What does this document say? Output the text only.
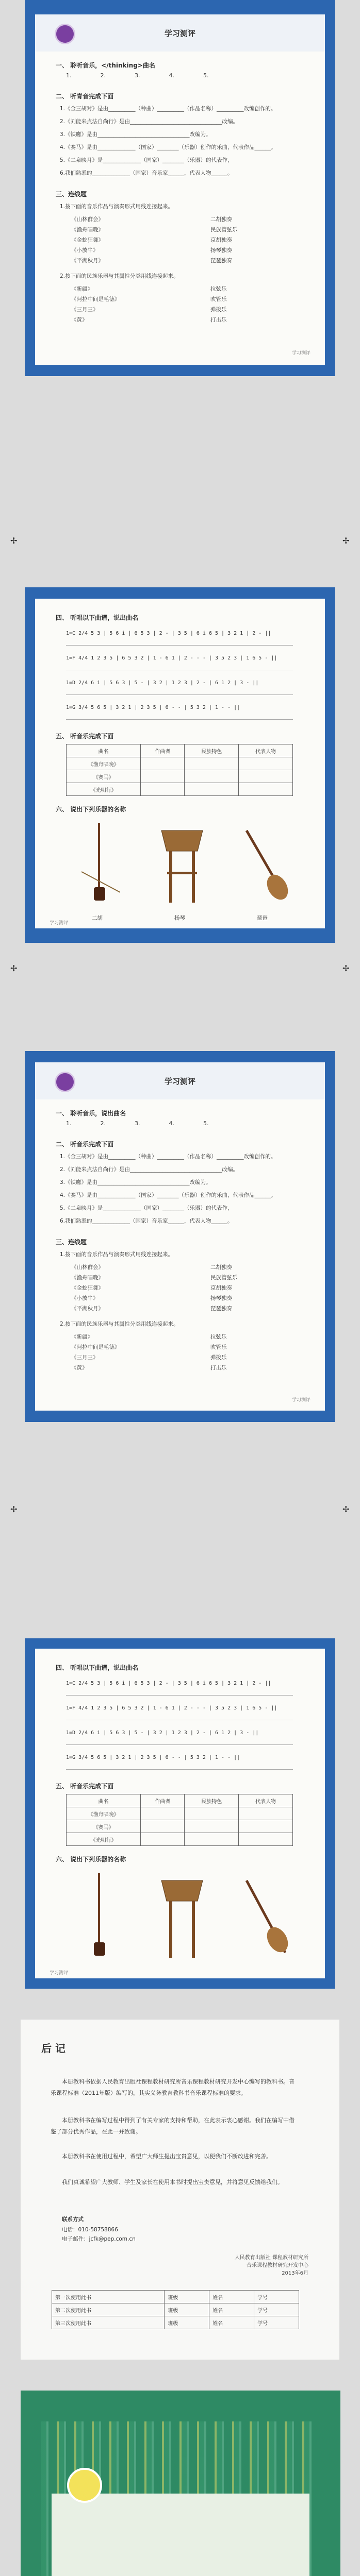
学习测评
一、 聆听音乐，</thinking>曲名
1.	2.	3.	4.	5.
二、 听青音完成下面
1.《金三胡对》是由__________（种曲）__________（作品名称）__________改编创作的。
2.《刘能来点法自尚行》是由__________________________________改编。
3.《铁鹰》是由__________________________________改编为。
4.《赛马》是由______________（国家）________（乐器）创作的乐曲，代表作品______。
5.《二泉映月》是______________（国家）________（乐器）的代表作，
6.我们熟悉的______________（国家）音乐家______，代表人物______。
三、连线题
1.按下面的音乐作品与演奏形式用线连接起来。
《山林群会》
《渔舟唱晚》
《金蛇狂舞》
《小放牛》
《平湖秋月》
二胡独奏
民族管弦乐
京胡独奏
扬琴独奏
琵琶独奏
2.按下面的民族乐器与其属性分类用线连接起来。
《新疆》
《阿拉中间是毛德》
《三月三》
《黄》
拉弦乐
吹管乐
弹拨乐
打击乐
学习测评
✢	✢
四、 听唱以下曲谱，说出曲名
1=C 2/4 5 3 | 5 6 i | 6 5 3 | 2 - | 3 5 | 6 i 6 5 | 3 2 1 | 2 - ||
1=F 4/4 1 2 3 5 | 6 5 3 2 | 1 - 6 1 | 2 - - - | 3 5 2 3 | 1 6 5 - ||
1=D 2/4 6 i | 5 6 3 | 5 - | 3 2 | 1 2 3 | 2 - | 6 1 2 | 3 - ||
1=G 3/4 5 6 5 | 3 2 1 | 2 3 5 | 6 - - | 5 3 2 | 1 - - ||
五、 听音乐完成下面
曲名	作曲者	民族特色	代表人物
《渔舟唱晚》			
《赛马》			
《光明行》			
六、 说出下列乐器的名称
二胡	扬琴	琵琶
学习测评
✢	✢
学习测评
一、 聆听音乐，说出曲名
1.	2.	3.	4.	5.
二、 听音乐完成下面
1.《金三胡对》是由__________（种曲）__________（作品名称）__________改编创作的。
2.《刘能来点法自尚行》是由__________________________________改编。
3.《铁鹰》是由__________________________________改编为。
4.《赛马》是由______________（国家）________（乐器）创作的乐曲，代表作品______。
5.《二泉映月》是______________（国家）________（乐器）的代表作，
6.我们熟悉的______________（国家）音乐家______，代表人物______。
三、连线题
1.按下面的音乐作品与演奏形式用线连接起来。
《山林群会》
《渔舟唱晚》
《金蛇狂舞》
《小放牛》
《平湖秋月》
二胡独奏
民族管弦乐
京胡独奏
扬琴独奏
琵琶独奏
2.按下面的民族乐器与其属性分类用线连接起来。
《新疆》
《阿拉中间是毛德》
《三月三》
《黄》
拉弦乐
吹管乐
弹拨乐
打击乐
学习测评
✢	✢
四、 听唱以下曲谱，说出曲名
1=C 2/4 5 3 | 5 6 i | 6 5 3 | 2 - | 3 5 | 6 i 6 5 | 3 2 1 | 2 - ||
1=F 4/4 1 2 3 5 | 6 5 3 2 | 1 - 6 1 | 2 - - - | 3 5 2 3 | 1 6 5 - ||
1=D 2/4 6 i | 5 6 3 | 5 - | 3 2 | 1 2 3 | 2 - | 6 1 2 | 3 - ||
1=G 3/4 5 6 5 | 3 2 1 | 2 3 5 | 6 - - | 5 3 2 | 1 - - ||
五、 听音乐完成下面
曲名	作曲者	民族特色	代表人物
《渔舟唱晚》			
《赛马》			
《光明行》			
六、 说出下列乐器的名称
学习测评
后 记
本册教科书依据人民教育出版社课程教材研究所音乐课程教材研究开发中心编写的教科书。音乐课程标准（2011年版）编写的，其实义务教育教科书音乐课程标准的要求。
本册教科书在编写过程中得到了有关专家的支持和帮助，在此表示衷心感谢。我们在编写中借鉴了部分优秀作品，在此一并致谢。
本册教科书在使用过程中，希望广大师生提出宝贵意见，以便我们不断改进和完善。
我们真诚希望广大教师、学生及家长在使用本书时提出宝贵意见，并将意见反馈给我们。
联系方式
电话：010-58758866
电子邮件：jcfk@pep.com.cn
人民教育出版社 课程教材研究所
音乐课程教材研究开发中心
2013年6月
第一次使用此书	班级	姓名	学号
第二次使用此书	班级	姓名	学号
第三次使用此书	班级	姓名	学号
